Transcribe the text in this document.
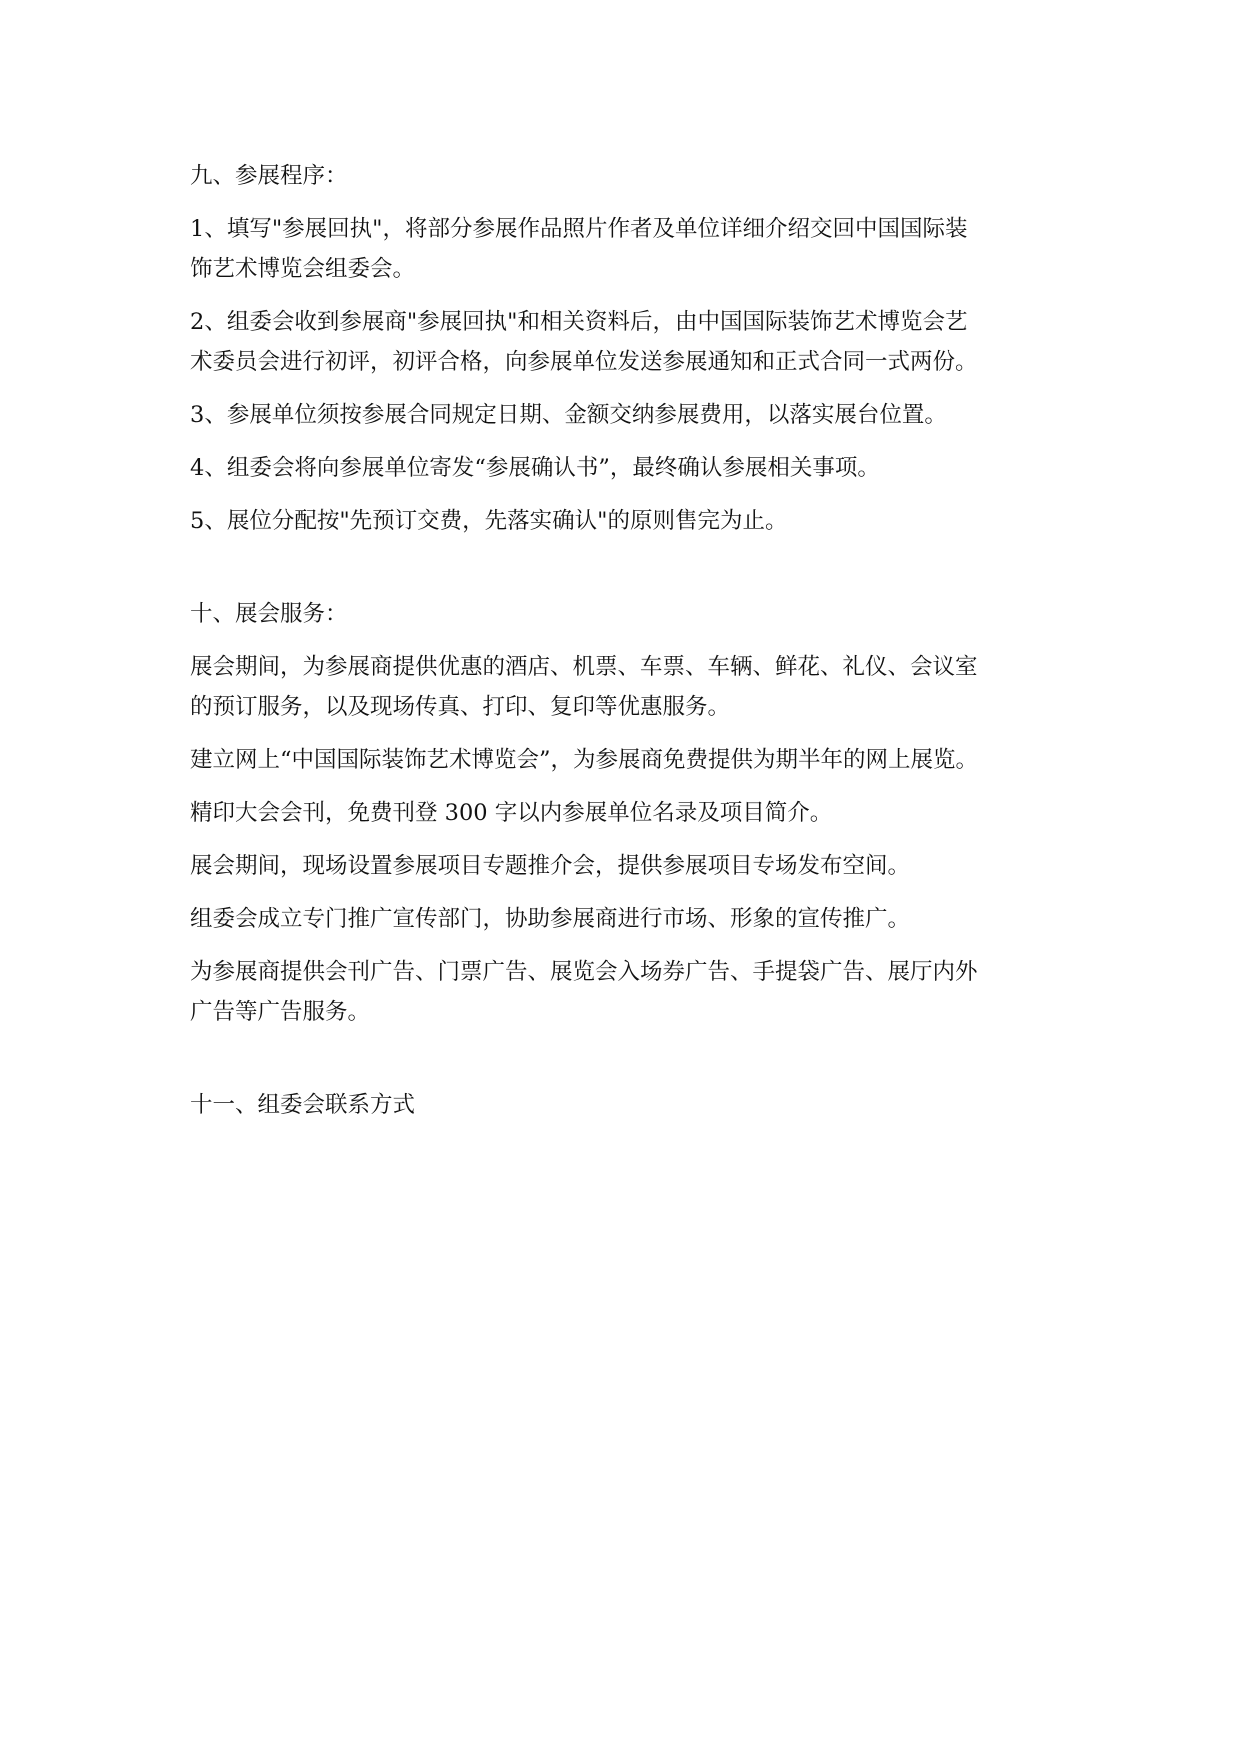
九、参展程序：
1、填写"参展回执"，将部分参展作品照片作者及单位详细介绍交回中国国际装
饰艺术博览会组委会。
2、组委会收到参展商"参展回执"和相关资料后，由中国国际装饰艺术博览会艺
术委员会进行初评，初评合格，向参展单位发送参展通知和正式合同一式两份。
3、参展单位须按参展合同规定日期、金额交纳参展费用，以落实展台位置。
4、组委会将向参展单位寄发“参展确认书”，最终确认参展相关事项。
5、展位分配按"先预订交费，先落实确认"的原则售完为止。
十、展会服务：
展会期间，为参展商提供优惠的酒店、机票、车票、车辆、鲜花、礼仪、会议室
的预订服务，以及现场传真、打印、复印等优惠服务。
建立网上“中国国际装饰艺术博览会”，为参展商免费提供为期半年的网上展览。
精印大会会刊，免费刊登 300 字以内参展单位名录及项目简介。
展会期间，现场设置参展项目专题推介会，提供参展项目专场发布空间。
组委会成立专门推广宣传部门，协助参展商进行市场、形象的宣传推广。
为参展商提供会刊广告、门票广告、展览会入场券广告、手提袋广告、展厅内外
广告等广告服务。
十一、组委会联系方式
